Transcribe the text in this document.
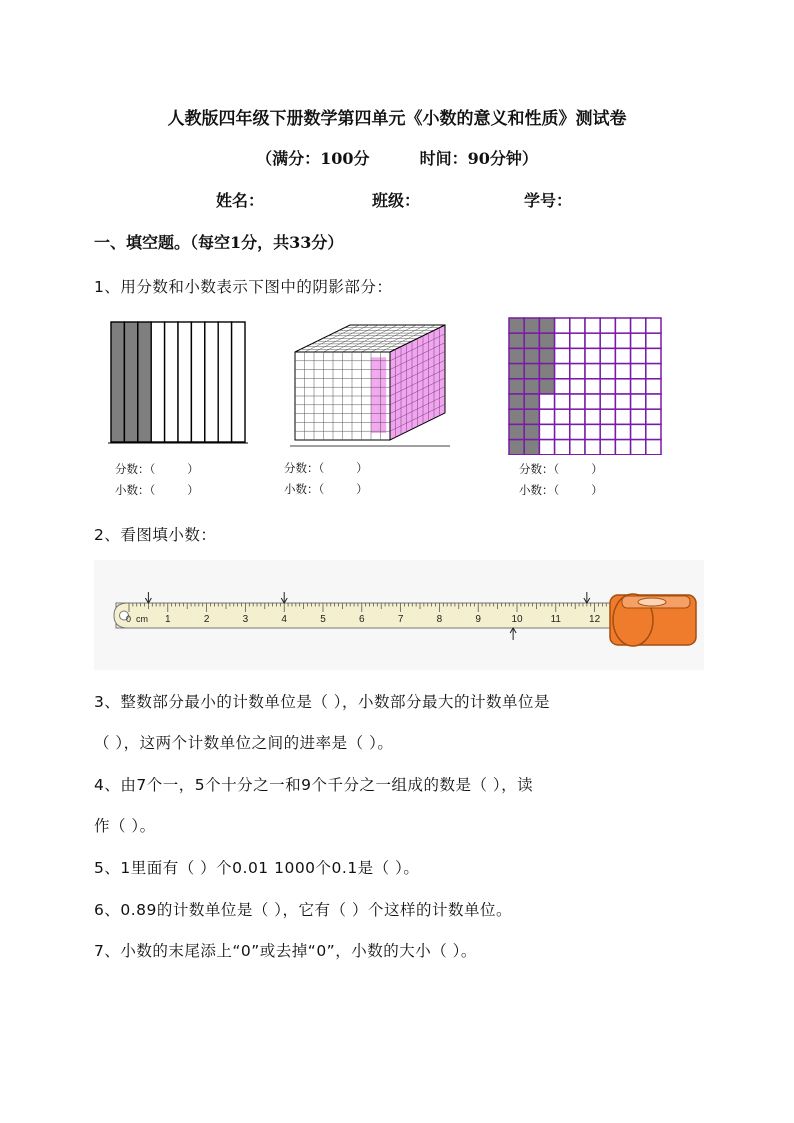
人教版四年级下册数学第四单元《小数的意义和性质》测试卷
（满分：100分	时间：90分钟）
姓名：	班级：	学号：
一、填空题。（每空1分，共33分）
1、用分数和小数表示下图中的阴影部分：
分数：（          ）
小数：（          ）
分数：（          ）
小数：（          ）
分数：（          ）
小数：（          ）
2、看图填小数：
0	1	2	3	4	5	6	7	8	9	10	11	12
cm
3、整数部分最小的计数单位是（ ），小数部分最大的计数单位是
（ ），这两个计数单位之间的进率是（ ）。
4、由7个一，5个十分之一和9个千分之一组成的数是（ ），读
作（ ）。
5、1里面有（ ）个0.01 1000个0.1是（ ）。
6、0.89的计数单位是（ ），它有（ ）个这样的计数单位。
7、小数的末尾添上“0”或去掉“0”，小数的大小（ ）。
